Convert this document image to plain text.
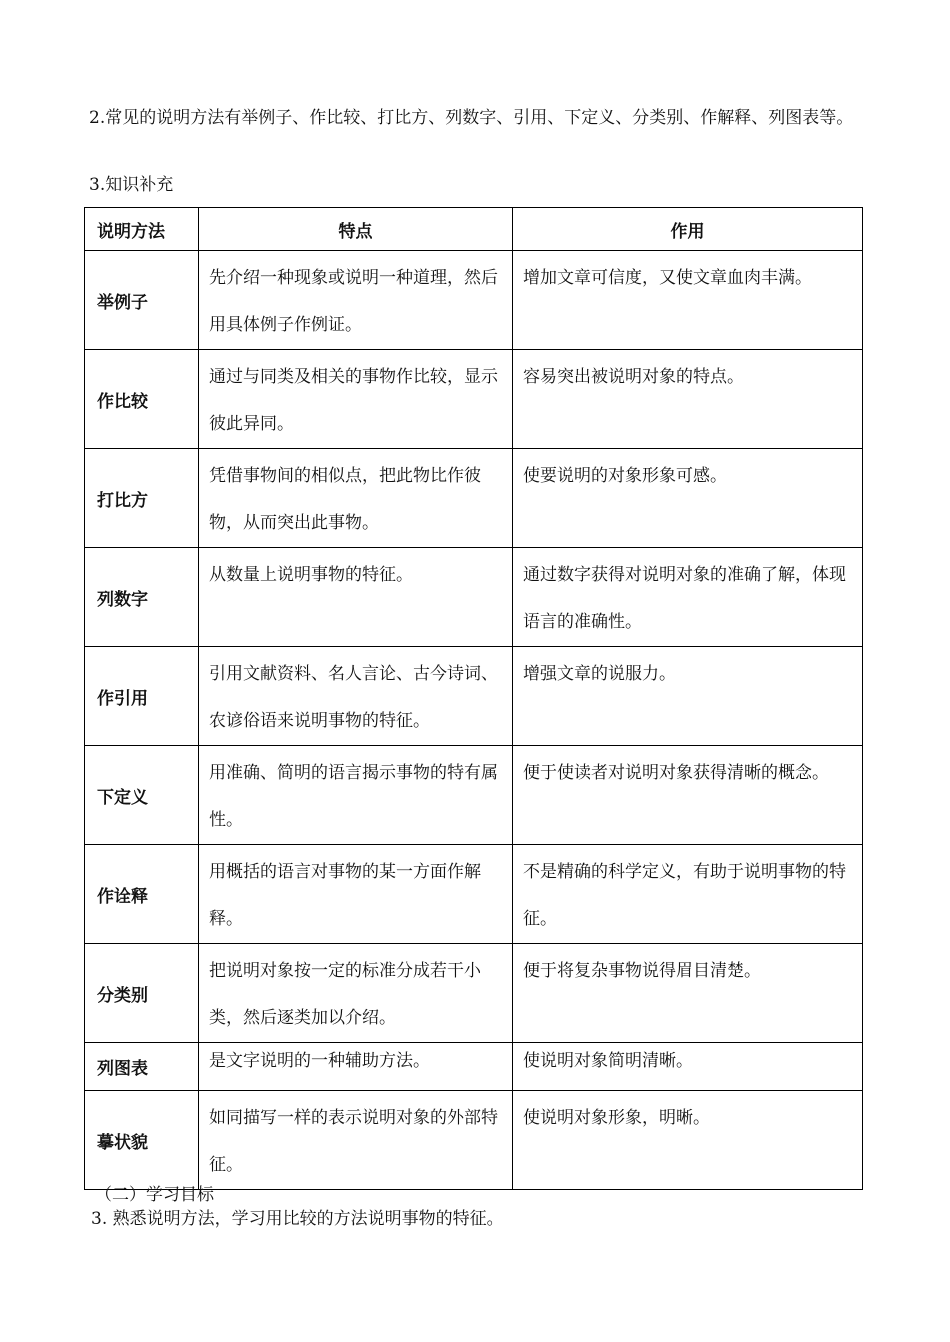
2.常见的说明方法有举例子、作比较、打比方、列数字、引用、下定义、分类别、作解释、列图表等。
3.知识补充
说明方法	特点	作用
举例子	先介绍一种现象或说明一种道理，然后用具体例子作例证。	增加文章可信度，又使文章血肉丰满。
作比较	通过与同类及相关的事物作比较，显示彼此异同。	容易突出被说明对象的特点。
打比方	凭借事物间的相似点，把此物比作彼物，从而突出此事物。	使要说明的对象形象可感。
列数字	从数量上说明事物的特征。	通过数字获得对说明对象的准确了解，体现语言的准确性。
作引用	引用文献资料、名人言论、古今诗词、农谚俗语来说明事物的特征。	增强文章的说服力。
下定义	用准确、简明的语言揭示事物的特有属性。	便于使读者对说明对象获得清晰的概念。
作诠释	用概括的语言对事物的某一方面作解释。	不是精确的科学定义，有助于说明事物的特征。
分类别	把说明对象按一定的标准分成若干小类，然后逐类加以介绍。	便于将复杂事物说得眉目清楚。
列图表	是文字说明的一种辅助方法。	使说明对象简明清晰。
摹状貌	如同描写一样的表示说明对象的外部特征。	使说明对象形象，明晰。
（二）学习目标
3. 熟悉说明方法，学习用比较的方法说明事物的特征。
